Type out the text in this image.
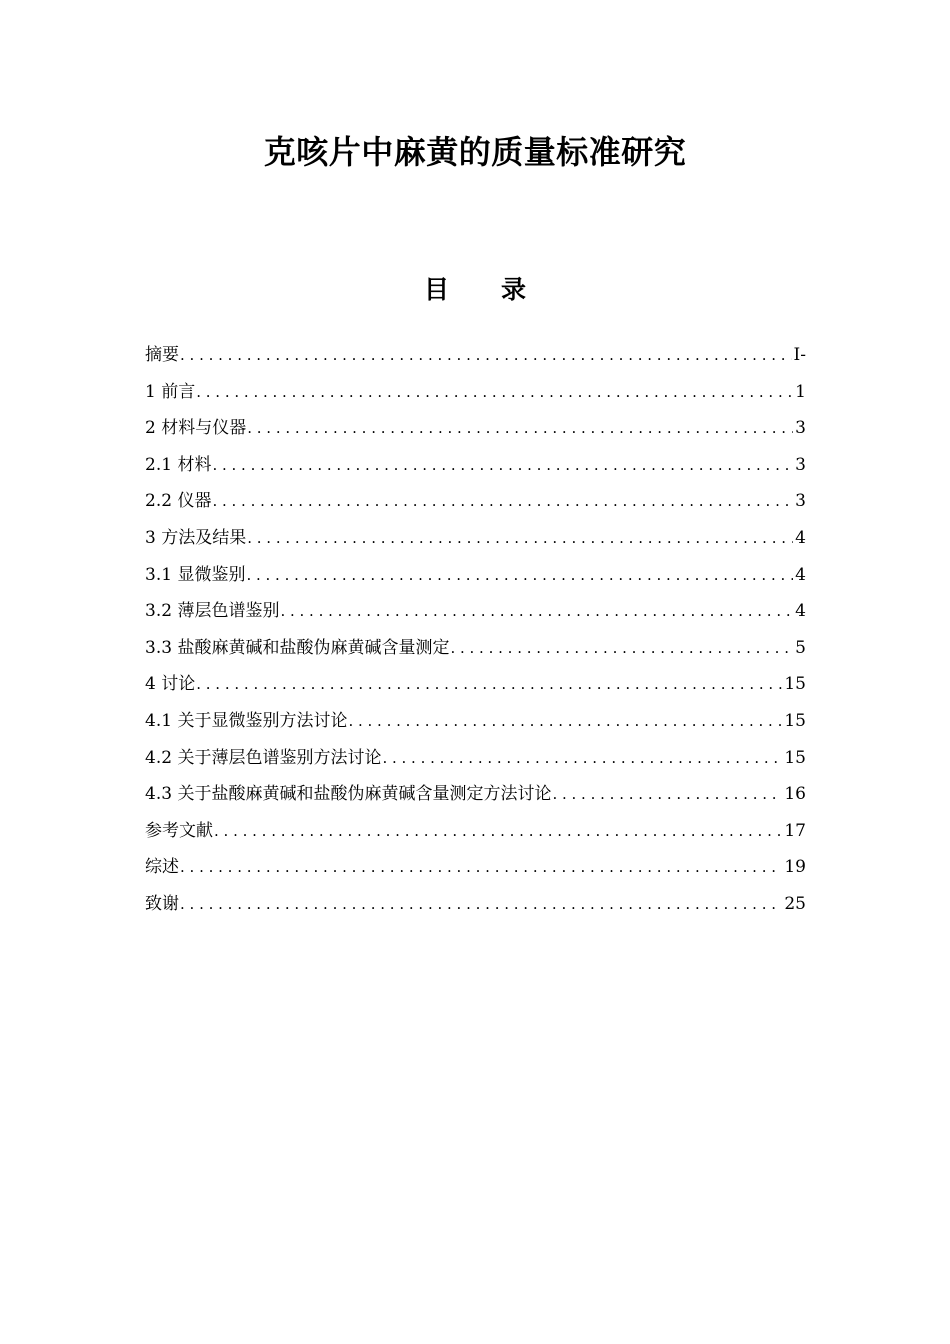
克咳片中麻黄的质量标准研究
目 录
摘要 . . .	I-
1 前言 . . .	1
2 材料与仪器 . . .	3
2.1 材料 . . .	3
2.2 仪器 . . .	3
3 方法及结果 . . .	4
3.1 显微鉴别 . . .	4
3.2 薄层色谱鉴别 . . .	4
3.3 盐酸麻黄碱和盐酸伪麻黄碱含量测定 . . .	5
4 讨论 . . .	15
4.1 关于显微鉴别方法讨论 . . .	15
4.2 关于薄层色谱鉴别方法讨论 . . .	15
4.3 关于盐酸麻黄碱和盐酸伪麻黄碱含量测定方法讨论 . . .	16
参考文献 . . .	17
综述 . . .	19
致谢 . . .	25
